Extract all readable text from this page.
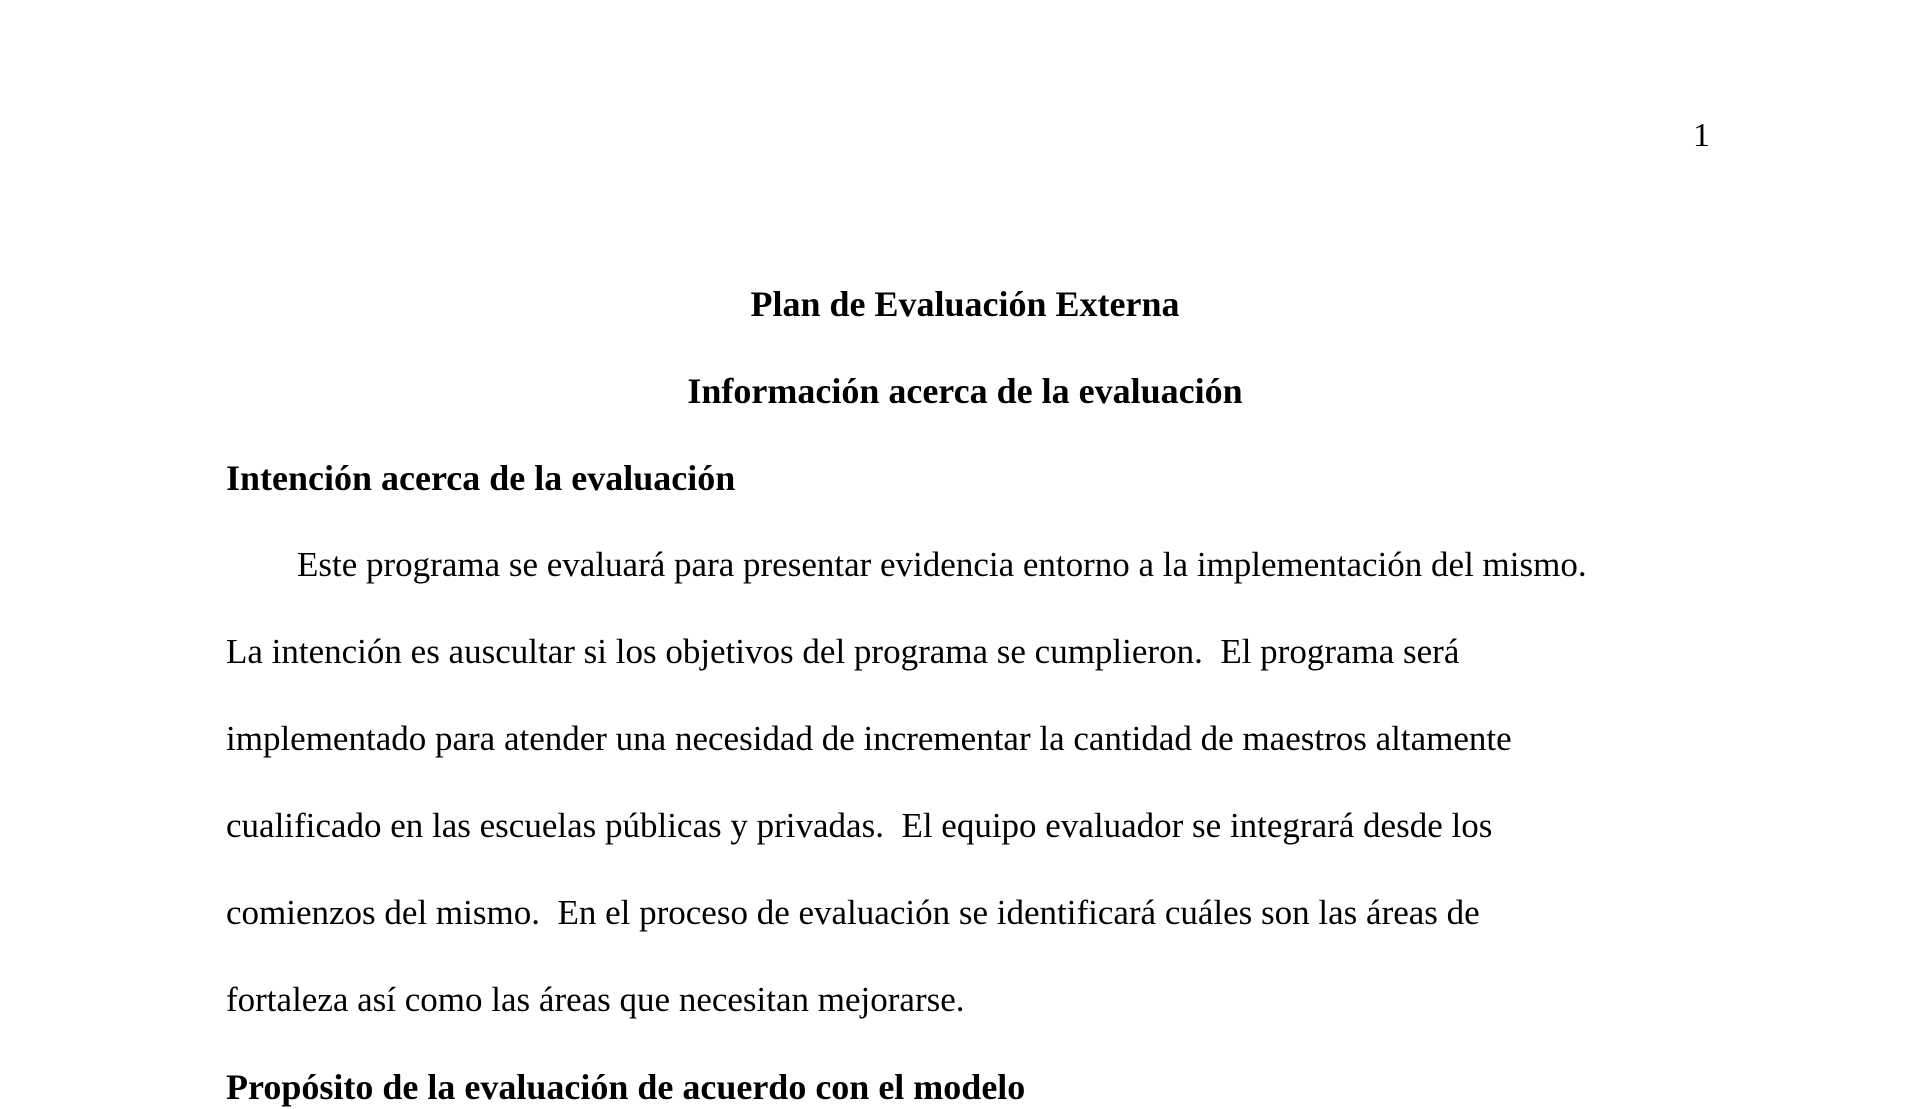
1
Plan de Evaluación Externa
Información acerca de la evaluación
Intención acerca de la evaluación
Este programa se evaluará para presentar evidencia entorno a la implementación del mismo.
La intención es auscultar si los objetivos del programa se cumplieron.  El programa será
implementado para atender una necesidad de incrementar la cantidad de maestros altamente
cualificado en las escuelas públicas y privadas.  El equipo evaluador se integrará desde los
comienzos del mismo.  En el proceso de evaluación se identificará cuáles son las áreas de
fortaleza así como las áreas que necesitan mejorarse.
Propósito de la evaluación de acuerdo con el modelo
